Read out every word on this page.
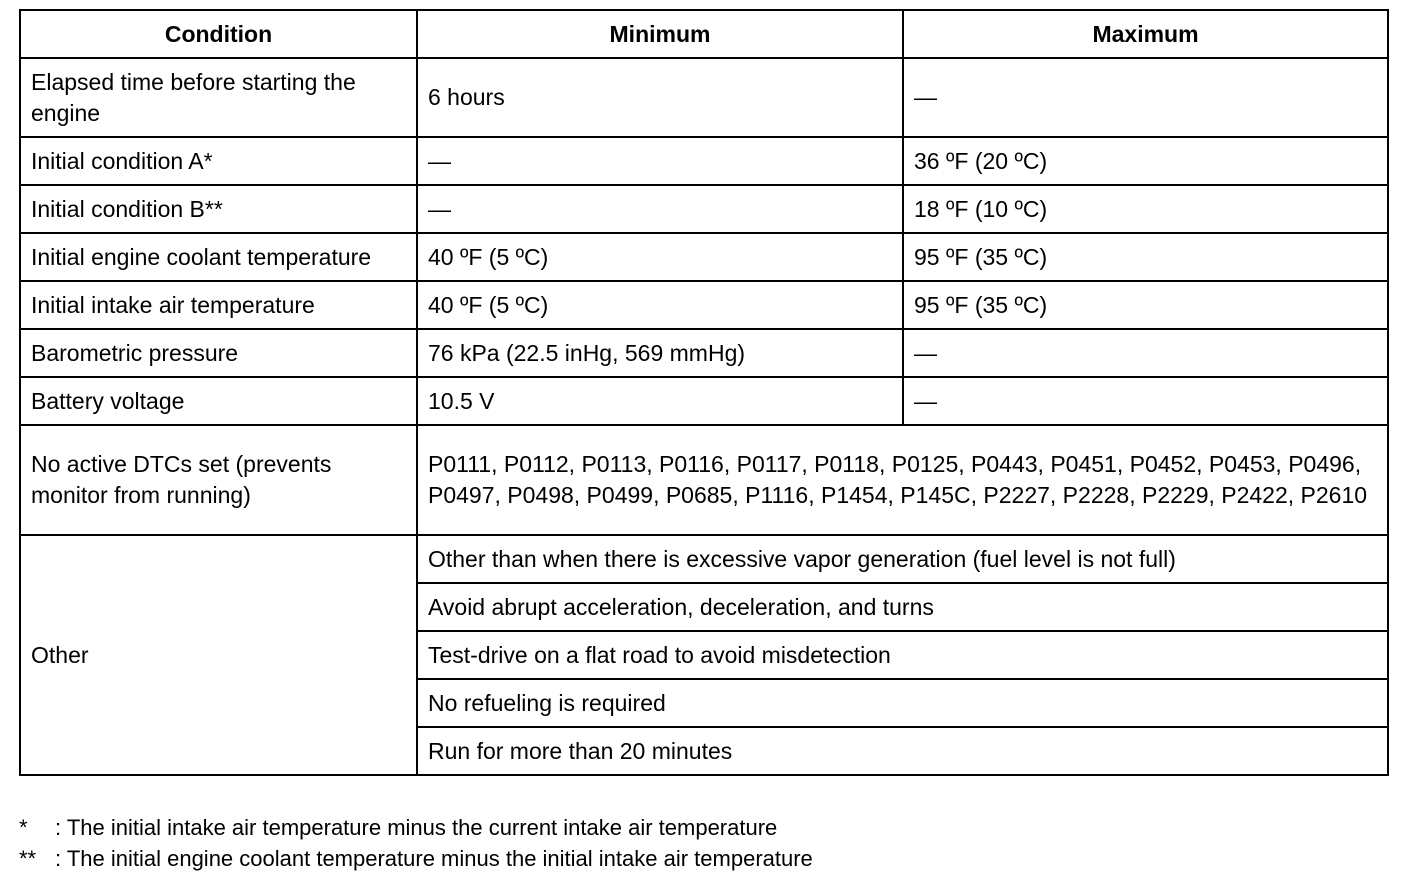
Condition	Minimum	Maximum
Elapsed time before starting the engine	6 hours	—
Initial condition A*	—	36 ºF (20 ºC)
Initial condition B**	—	18 ºF (10 ºC)
Initial engine coolant temperature	40 ºF (5 ºC)	95 ºF (35 ºC)
Initial intake air temperature	40 ºF (5 ºC)	95 ºF (35 ºC)
Barometric pressure	76 kPa (22.5 inHg, 569 mmHg)	—
Battery voltage	10.5 V	—
No active DTCs set (prevents monitor from running)	P0111, P0112, P0113, P0116, P0117, P0118, P0125, P0443, P0451, P0452, P0453, P0496, P0497, P0498, P0499, P0685, P1116, P1454, P145C, P2227, P2228, P2229, P2422, P2610	
Other	Other than when there is excessive vapor generation (fuel level is not full)	
	Avoid abrupt acceleration, deceleration, and turns	
	Test-drive on a flat road to avoid misdetection	
	No refueling is required	
	Run for more than 20 minutes	
*	: The initial intake air temperature minus the current intake air temperature
** : The initial engine coolant temperature minus the initial intake air temperature
